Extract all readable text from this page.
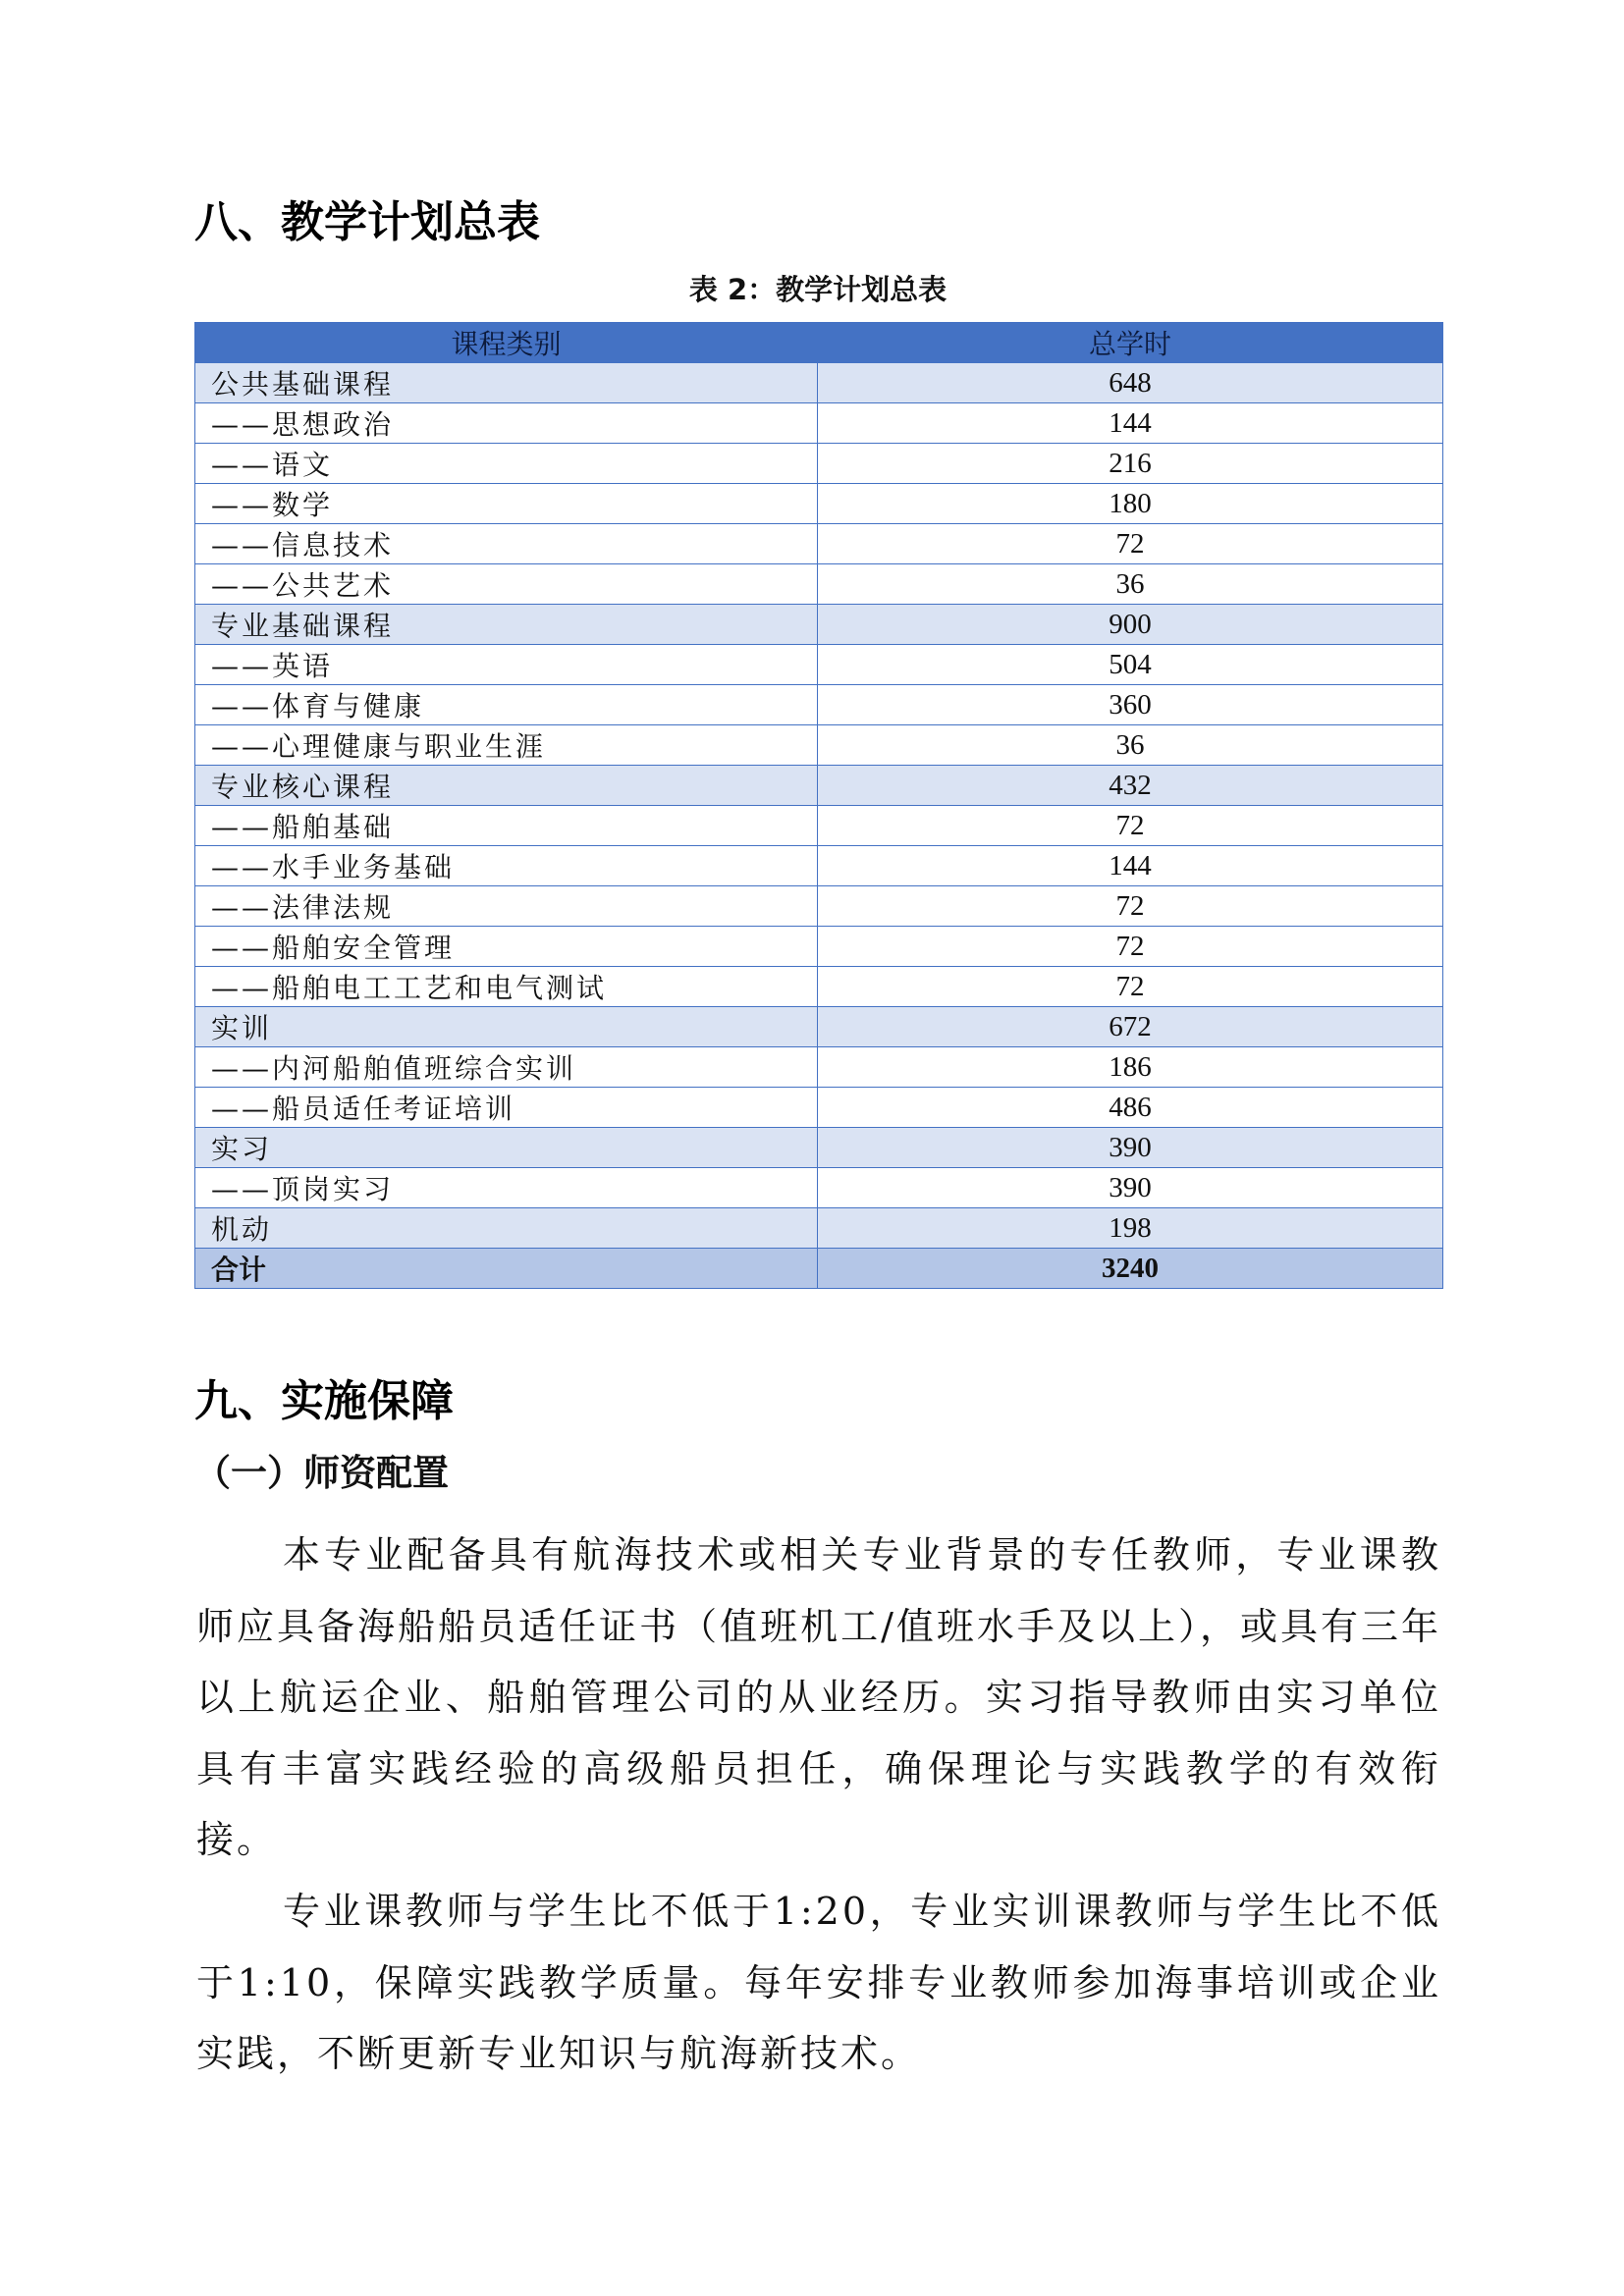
八、教学计划总表
表 2：教学计划总表
课程类别	总学时
公共基础课程	648
——思想政治	144
——语文	216
——数学	180
——信息技术	72
——公共艺术	36
专业基础课程	900
——英语	504
——体育与健康	360
——心理健康与职业生涯	36
专业核心课程	432
——船舶基础	72
——水手业务基础	144
——法律法规	72
——船舶安全管理	72
——船舶电工工艺和电气测试	72
实训	672
——内河船舶值班综合实训	186
——船员适任考证培训	486
实习	390
——顶岗实习	390
机动	198
合计	3240
九、实施保障
（一）师资配置

本专业配备具有航海技术或相关专业背景的专任教师，专业课教师应具备海船船员适任证书（值班机工/值班水手及以上），或具有三年以上航运企业、船舶管理公司的从业经历。实习指导教师由实习单位具有丰富实践经验的高级船员担任，确保理论与实践教学的有效衔接。

专业课教师与学生比不低于1:20，专业实训课教师与学生比不低于1:10，保障实践教学质量。每年安排专业教师参加海事培训或企业实践，不断更新专业知识与航海新技术。
